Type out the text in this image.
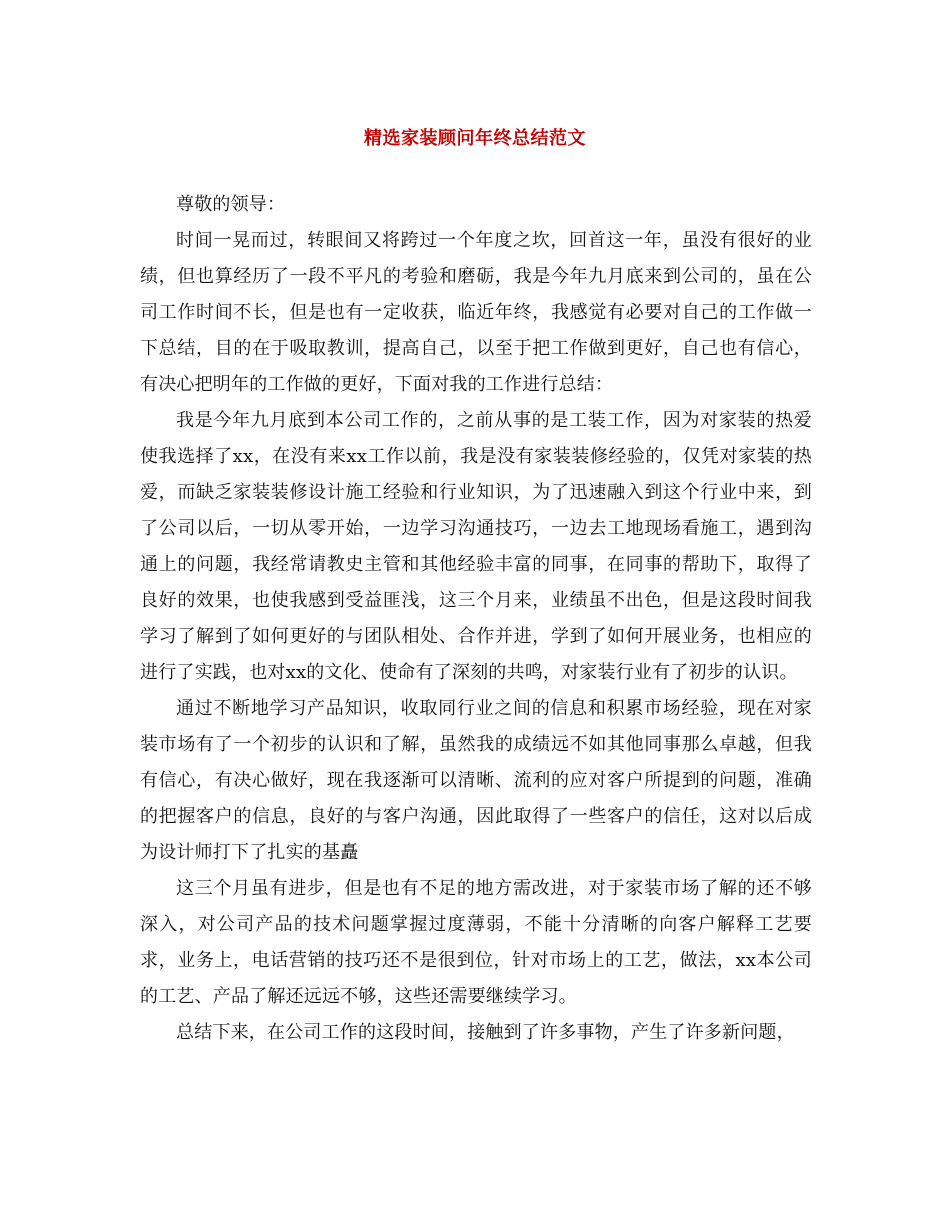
精选家装顾问年终总结范文

尊敬的领导：

时间一晃而过，转眼间又将跨过一个年度之坎，回首这一年，虽没有很好的业绩，但也算经历了一段不平凡的考验和磨砺，我是今年九月底来到公司的，虽在公司工作时间不长，但是也有一定收获，临近年终，我感觉有必要对自己的工作做一下总结，目的在于吸取教训，提高自己，以至于把工作做到更好，自己也有信心，有决心把明年的工作做的更好，下面对我的工作进行总结：

我是今年九月底到本公司工作的，之前从事的是工装工作，因为对家装的热爱使我选择了xx，在没有来xx工作以前，我是没有家装装修经验的，仅凭对家装的热爱，而缺乏家装装修设计施工经验和行业知识，为了迅速融入到这个行业中来，到了公司以后，一切从零开始，一边学习沟通技巧，一边去工地现场看施工，遇到沟通上的问题，我经常请教史主管和其他经验丰富的同事，在同事的帮助下，取得了良好的效果，也使我感到受益匪浅，这三个月来，业绩虽不出色，但是这段时间我学习了解到了如何更好的与团队相处、合作并进，学到了如何开展业务，也相应的进行了实践，也对xx的文化、使命有了深刻的共鸣，对家装行业有了初步的认识。

通过不断地学习产品知识，收取同行业之间的信息和积累市场经验，现在对家装市场有了一个初步的认识和了解，虽然我的成绩远不如其他同事那么卓越，但我有信心，有决心做好，现在我逐渐可以清晰、流利的应对客户所提到的问题，准确的把握客户的信息，良好的与客户沟通，因此取得了一些客户的信任，这对以后成为设计师打下了扎实的基矗

这三个月虽有进步，但是也有不足的地方需改进，对于家装市场了解的还不够深入，对公司产品的技术问题掌握过度薄弱，不能十分清晰的向客户解释工艺要求，业务上，电话营销的技巧还不是很到位，针对市场上的工艺，做法，xx本公司的工艺、产品了解还远远不够，这些还需要继续学习。

总结下来，在公司工作的这段时间，接触到了许多事物，产生了许多新问题，
